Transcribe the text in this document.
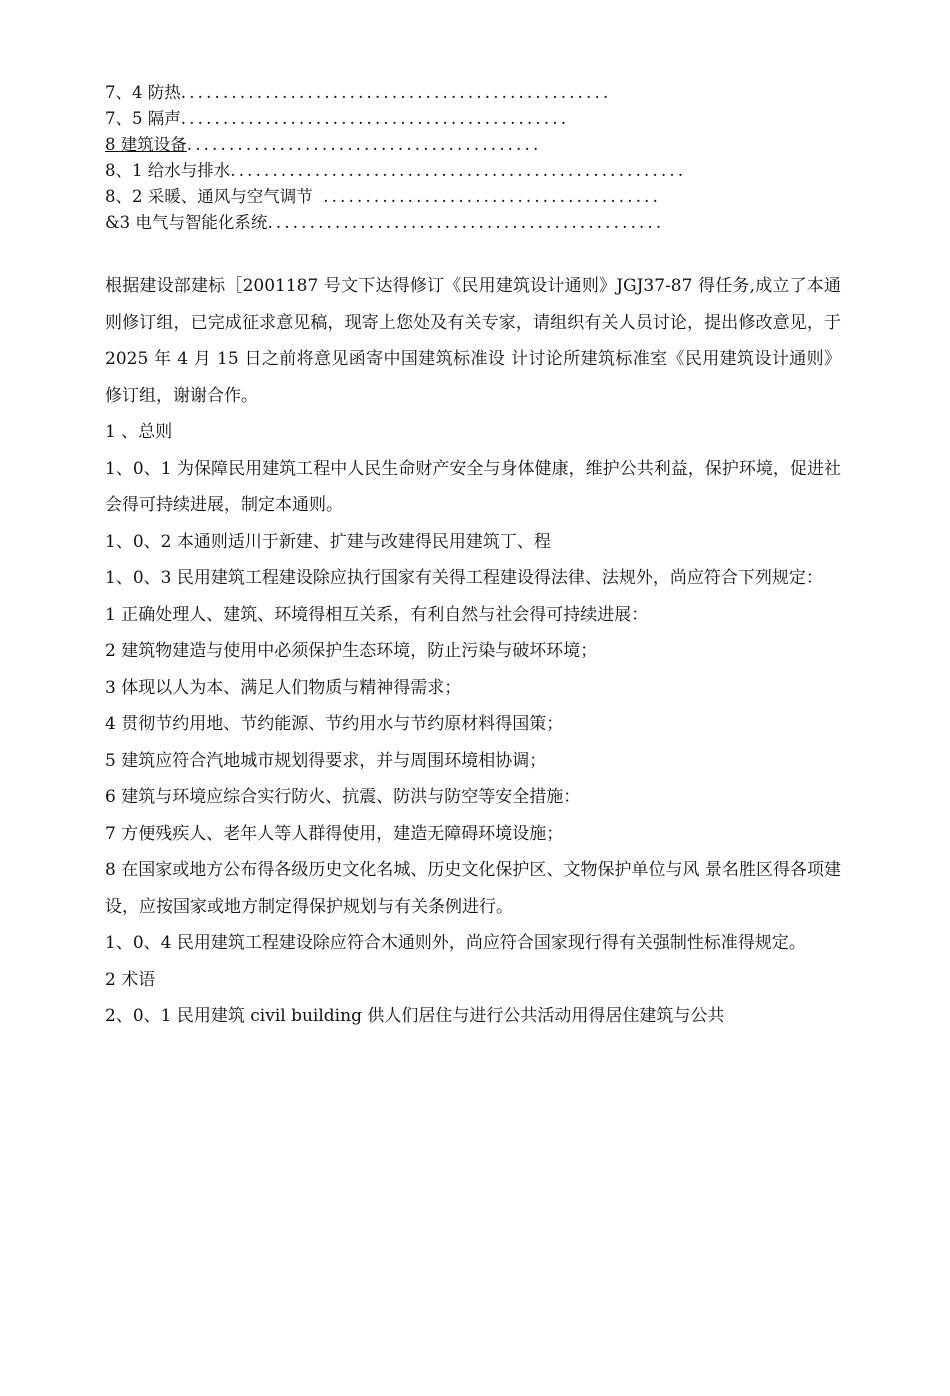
7、4 防热...................................................
7、5 隔声..............................................
8 建筑设备..........................................
8、1 给水与排水......................................................
8、2 采暖、通风与空气调节  ........................................
&3 电气与智能化系统...............................................

根据建设部建标［2001187 号文下达得修订《民用建筑设计通则》JGJ37-87 得任务,成立了本通则修订组，已完成征求意见稿，现寄上您处及有关专家，请组织有关人员讨论，提出修改意见，于 2025 年 4 月 15 日之前将意见函寄中国建筑标准设 计讨论所建筑标准室《民用建筑设计通则》修订组，谢谢合作。

1 、总则

1、0、1 为保障民用建筑工程中人民生命财产安全与身体健康，维护公共利益，保护环境，促进社会得可持续进展，制定本通则。

1、0、2 本通则适川于新建、扩建与改建得民用建筑丁、程

1、0、3 民用建筑工程建设除应执行国家有关得工程建设得法律、法规外，尚应符合下列规定：

1 正确处理人、建筑、环境得相互关系，有利自然与社会得可持续进展：

2 建筑物建造与使用中必须保护生态环境，防止污染与破坏环境；

3 体现以人为本、满足人们物质与精神得需求；

4 贯彻节约用地、节约能源、节约用水与节约原材料得国策；

5 建筑应符合汽地城市规划得要求，并与周围环境相协调；

6 建筑与环境应综合实行防火、抗震、防洪与防空等安全措施：

7 方便残疾人、老年人等人群得使用，建造无障碍环境设施；

8 在国家或地方公布得各级历史文化名城、历史文化保护区、文物保护单位与风 景名胜区得各项建设，应按国家或地方制定得保护规划与有关条例进行。

1、0、4 民用建筑工程建设除应符合木通则外，尚应符合国家现行得有关强制性标准得规定。

2 术语

2、0、1 民用建筑 civil building 供人们居住与进行公共活动用得居住建筑与公共
